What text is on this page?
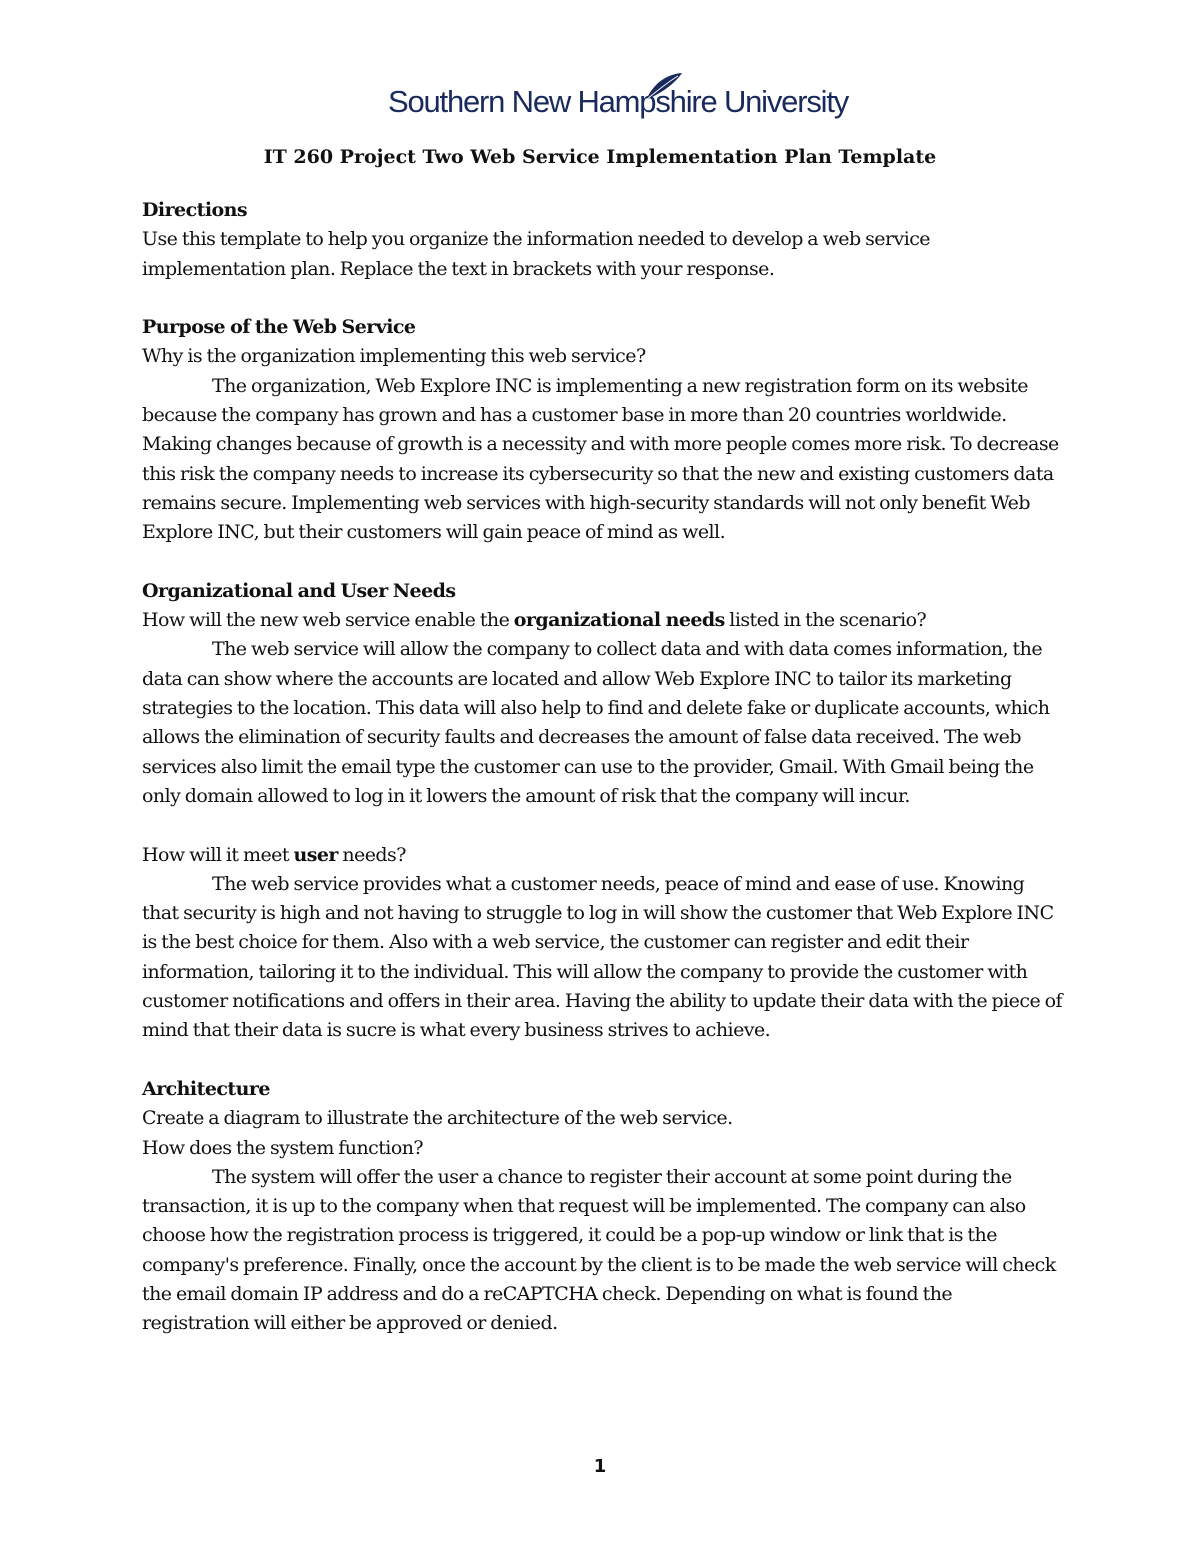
Southern New Hampshire University
IT 260 Project Two Web Service Implementation Plan Template

Directions

Use this template to help you organize the information needed to develop a web service implementation plan. Replace the text in brackets with your response.

Purpose of the Web Service

Why is the organization implementing this web service?

The organization, Web Explore INC is implementing a new registration form on its website because the company has grown and has a customer base in more than 20 countries worldwide. Making changes because of growth is a necessity and with more people comes more risk. To decrease this risk the company needs to increase its cybersecurity so that the new and existing customers data remains secure. Implementing web services with high-security standards will not only benefit Web Explore INC, but their customers will gain peace of mind as well.

Organizational and User Needs

How will the new web service enable the organizational needs listed in the scenario?

The web service will allow the company to collect data and with data comes information, the data can show where the accounts are located and allow Web Explore INC to tailor its marketing strategies to the location. This data will also help to find and delete fake or duplicate accounts, which allows the elimination of security faults and decreases the amount of false data received. The web services also limit the email type the customer can use to the provider, Gmail. With Gmail being the only domain allowed to log in it lowers the amount of risk that the company will incur.

How will it meet user needs?

The web service provides what a customer needs, peace of mind and ease of use. Knowing that security is high and not having to struggle to log in will show the customer that Web Explore INC is the best choice for them. Also with a web service, the customer can register and edit their information, tailoring it to the individual. This will allow the company to provide the customer with customer notifications and offers in their area. Having the ability to update their data with the piece of mind that their data is sucre is what every business strives to achieve.

Architecture

Create a diagram to illustrate the architecture of the web service.

How does the system function?

The system will offer the user a chance to register their account at some point during the transaction, it is up to the company when that request will be implemented. The company can also choose how the registration process is triggered, it could be a pop-up window or link that is the company's preference. Finally, once the account by the client is to be made the web service will check the email domain IP address and do a reCAPTCHA check. Depending on what is found the registration will either be approved or denied.

1
